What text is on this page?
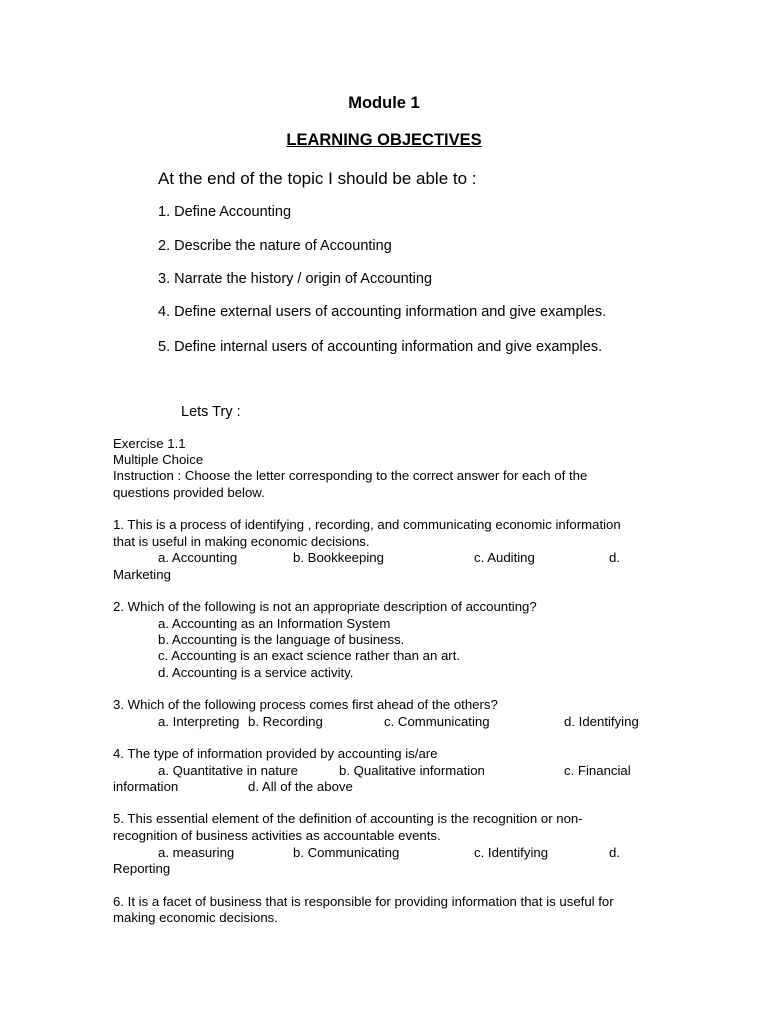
Module 1
LEARNING OBJECTIVES
At the end of the topic I should be able to :
1. Define Accounting
2. Describe the nature of Accounting
3. Narrate the history / origin of Accounting
4. Define external users of accounting information and give examples.
5. Define internal users of accounting information and give examples.
Lets Try :
Exercise 1.1
Multiple Choice
Instruction : Choose the letter corresponding to the correct answer for each of the
questions provided below.
1. This is a process of identifying , recording, and communicating economic information
that is useful in making economic decisions.
a. Accounting	b. Bookkeeping	c. Auditing	d.
Marketing
2. Which of the following is not an appropriate description of accounting?
a. Accounting as an Information System
b. Accounting is the language of business.
c. Accounting is an exact science rather than an art.
d. Accounting is a service activity.
3. Which of the following process comes first ahead of the others?
a. Interpreting b. Recording	c. Communicating	d. Identifying
4. The type of information provided by accounting is/are
a. Quantitative in nature	b. Qualitative information	c. Financial
information	d. All of the above
5. This essential element of the definition of accounting is the recognition or non-
recognition of business activities as accountable events.
a. measuring	b. Communicating	c. Identifying	d.
Reporting
6. It is a facet of business that is responsible for providing information that is useful for
making economic decisions.
